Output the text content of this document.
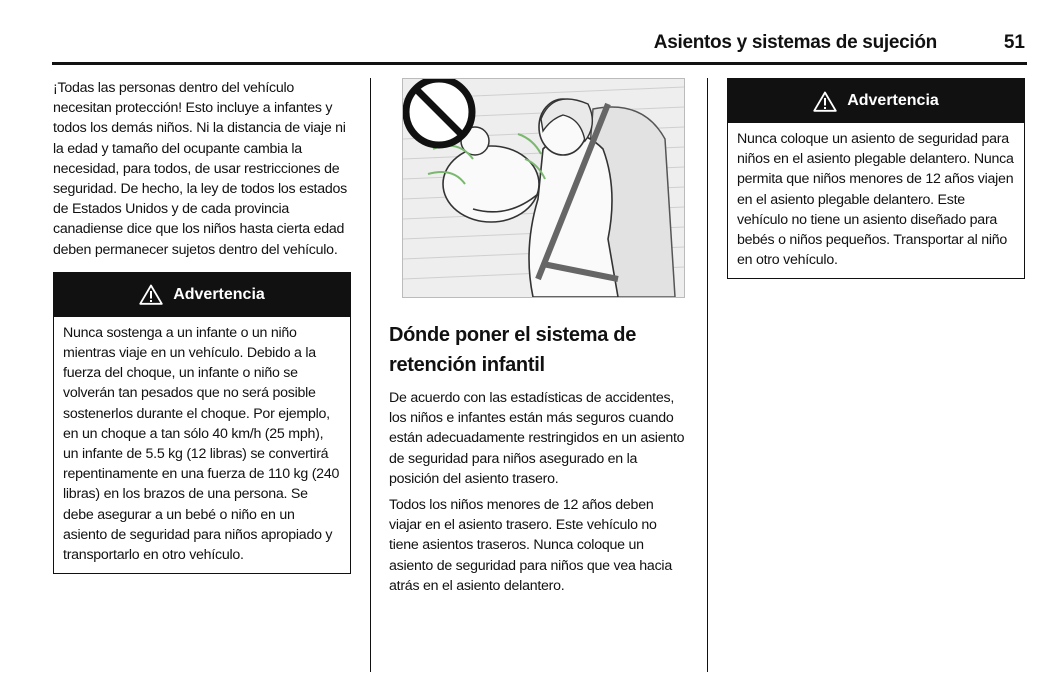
Asientos y sistemas de sujeción	51

¡Todas las personas dentro del vehículo necesitan protección! Esto incluye a infantes y todos los demás niños. Ni la distancia de viaje ni la edad y tamaño del ocupante cambia la necesidad, para todos, de usar restricciones de seguridad. De hecho, la ley de todos los estados de Estados Unidos y de cada provincia canadiense dice que los niños hasta cierta edad deben permanecer sujetos dentro del vehículo.

Advertencia

Nunca sostenga a un infante o un niño mientras viaje en un vehículo. Debido a la fuerza del choque, un infante o niño se volverán tan pesados que no será posible sostenerlos durante el choque. Por ejemplo, en un choque a tan sólo 40 km/h (25 mph), un infante de 5.5 kg (12 libras) se convertirá repentinamente en una fuerza de 110 kg (240 libras) en los brazos de una persona. Se debe asegurar a un bebé o niño en un asiento de seguridad para niños apropiado y transportarlo en otro vehículo.

Dónde poner el sistema de retención infantil

De acuerdo con las estadísticas de accidentes, los niños e infantes están más seguros cuando están adecuadamente restringidos en un asiento de seguridad para niños asegurado en la posición del asiento trasero.

Todos los niños menores de 12 años deben viajar en el asiento trasero. Este vehículo no tiene asientos traseros. Nunca coloque un asiento de seguridad para niños que vea hacia atrás en el asiento delantero.

Advertencia

Nunca coloque un asiento de seguridad para niños en el asiento plegable delantero. Nunca permita que niños menores de 12 años viajen en el asiento plegable delantero. Este vehículo no tiene un asiento diseñado para bebés o niños pequeños. Transportar al niño en otro vehículo.
